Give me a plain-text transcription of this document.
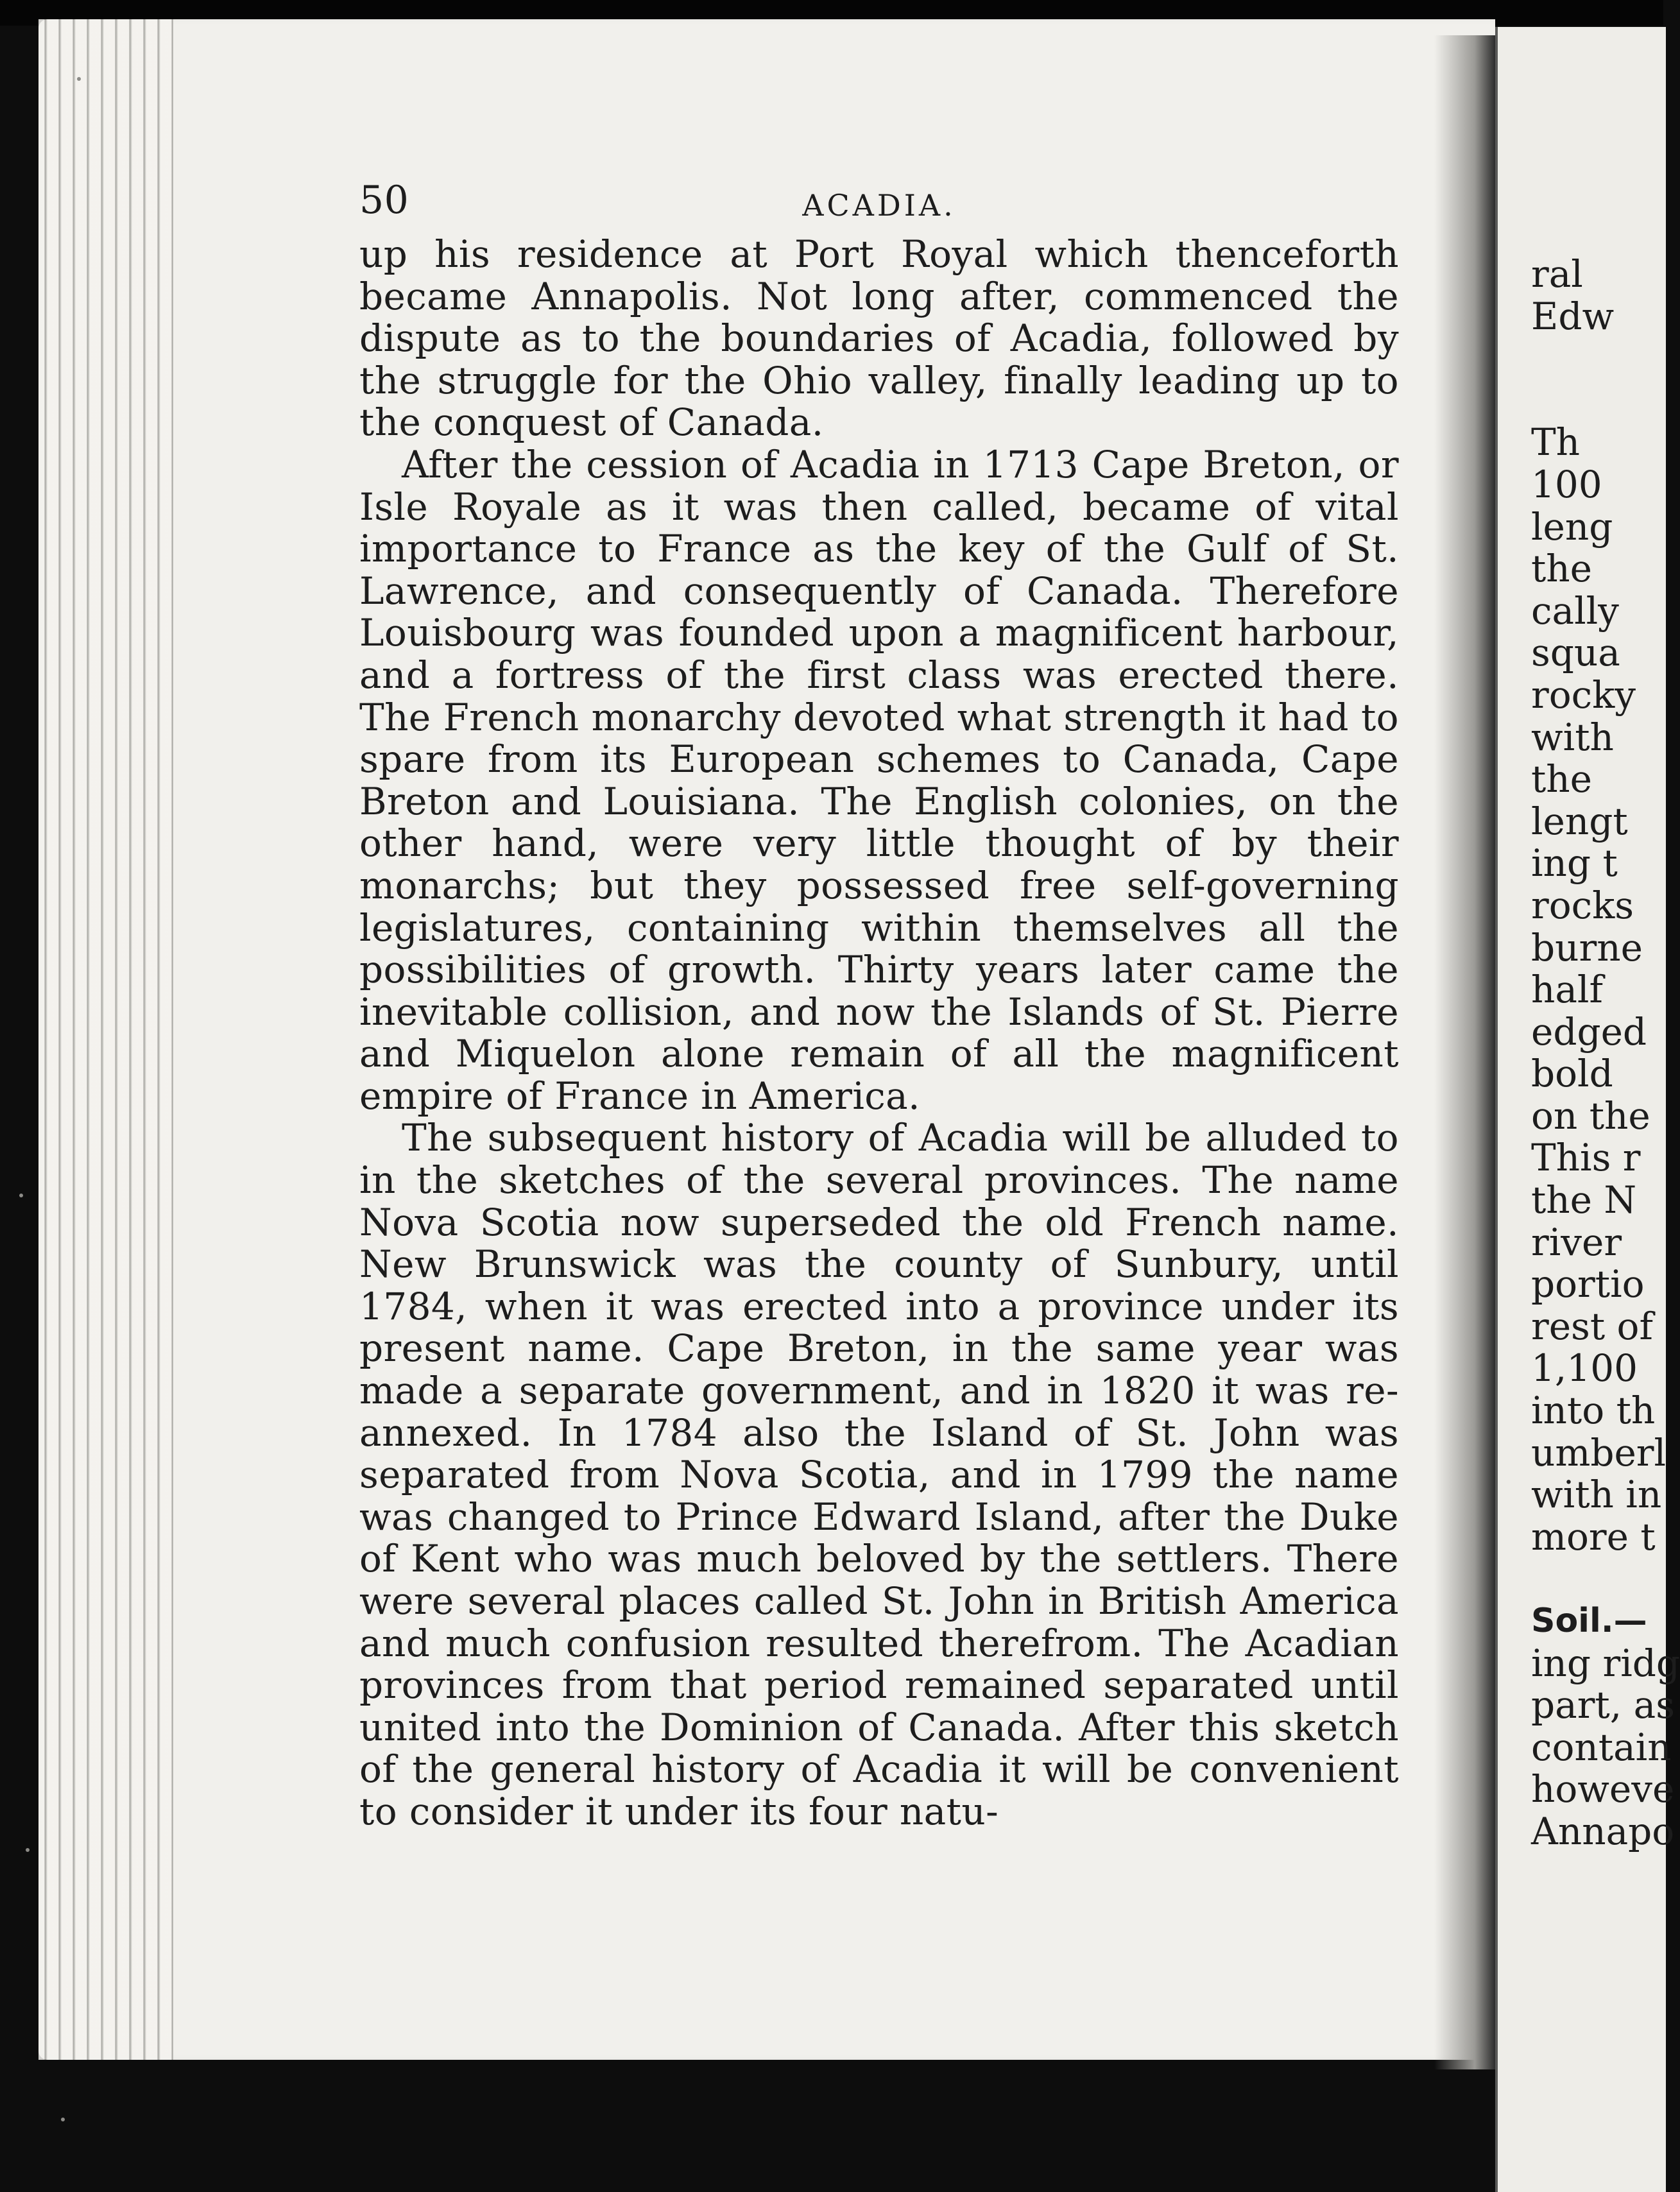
50	ACADIA.

up his residence at Port Royal which thenceforth became Annapolis. Not long after, commenced the dispute as to the boundaries of Acadia, followed by the struggle for the Ohio valley, finally leading up to the conquest of Canada.

After the cession of Acadia in 1713 Cape Breton, or Isle Royale as it was then called, became of vital importance to France as the key of the Gulf of St. Lawrence, and consequently of Canada. Therefore Louisbourg was founded upon a magnificent harbour, and a fortress of the first class was erected there. The French monarchy devoted what strength it had to spare from its European schemes to Canada, Cape Breton and Louisiana. The English colonies, on the other hand, were very little thought of by their monarchs; but they possessed free self-governing legislatures, containing within themselves all the possibilities of growth. Thirty years later came the inevitable collision, and now the Islands of St. Pierre and Miquelon alone remain of all the magnificent empire of France in America.

The subsequent history of Acadia will be alluded to in the sketches of the several provinces. The name Nova Scotia now superseded the old French name. New Brunswick was the county of Sunbury, until 1784, when it was erected into a province under its present name. Cape Breton, in the same year was made a separate government, and in 1820 it was re-annexed. In 1784 also the Island of St. John was separated from Nova Scotia, and in 1799 the name was changed to Prince Edward Island, after the Duke of Kent who was much beloved by the settlers. There were several places called St. John in British America and much confusion resulted therefrom. The Acadian provinces from that period remained separated until united into the Dominion of Canada. After this sketch of the general history of Acadia it will be convenient to consider it under its four natu-

ral
Edw
Th
100
leng
the
cally
squa
rocky
with
the
lengt
ing t
rocks
burne
half
edged
bold
on the
This r
the N
river
portio
rest of
1,100
into th
umberl
with in
more t
Soil.—
ing ridg
part, as
contain
howeve
Annapo
